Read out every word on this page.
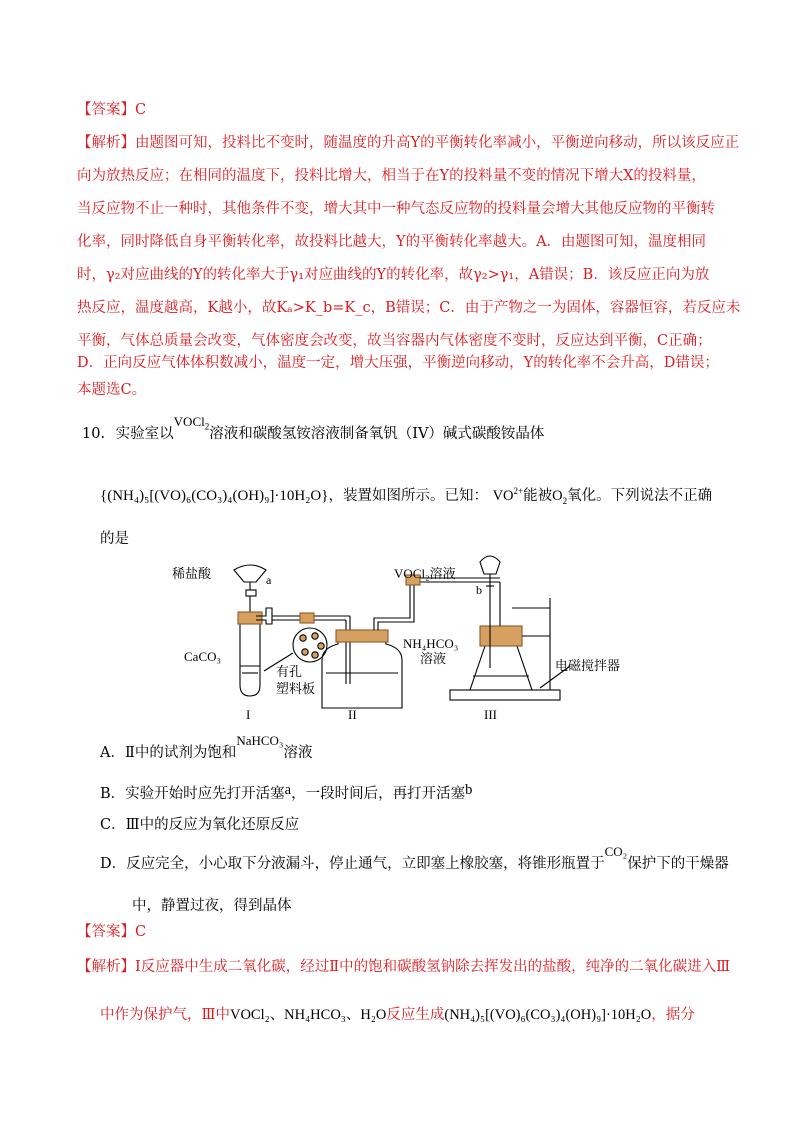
【答案】C
【解析】由题图可知，投料比不变时，随温度的升高Y的平衡转化率减小，平衡逆向移动，所以该反应正
向为放热反应；在相同的温度下，投料比增大，相当于在Y的投料量不变的情况下增大X的投料量，
当反应物不止一种时，其他条件不变，增大其中一种气态反应物的投料量会增大其他反应物的平衡转
化率，同时降低自身平衡转化率，故投料比越大，Y的平衡转化率越大。A．由题图可知，温度相同
时，γ₂对应曲线的Y的转化率大于γ₁对应曲线的Y的转化率，故γ₂>γ₁，A错误；B．该反应正向为放
热反应，温度越高，K越小，故Kₐ>K_b=K_c，B错误；C．由于产物之一为固体，容器恒容，若反应未
平衡，气体总质量会改变，气体密度会改变，故当容器内气体密度不变时，反应达到平衡，C正确；
D．正向反应气体体积数减小，温度一定，增大压强，平衡逆向移动，Y的转化率不会升高，D错误；
本题选C。
10. 实验室以VOCl$_2$溶液和碳酸氢铵溶液制备氧钒（IV）碱式碳酸铵晶体
{(NH₄)₅[(VO)₆(CO₃)₄(OH)₉]·10H₂O}，装置如图所示。已知： $VO^{2+}$能被$O_2$氧化。下列说法不正确
的是
稀盐酸	a
CaCO₃
有孔
塑料板
VOCl₂溶液
b
NH₄HCO₃
溶液	电磁搅拌器
I	II	III
A．Ⅱ中的试剂为饱和NaHCO₃溶液
B．实验开始时应先打开活塞a，一段时间后，再打开活塞b
C．Ⅲ中的反应为氧化还原反应
D．反应完全，小心取下分液漏斗，停止通气，立即塞上橡胶塞，将锥形瓶置于CO₂保护下的干燥器
中，静置过夜，得到晶体
【答案】C
【解析】Ⅰ反应器中生成二氧化碳，经过Ⅱ中的饱和碳酸氢钠除去挥发出的盐酸，纯净的二氧化碳进入Ⅲ
中作为保护气，Ⅲ中VOCl₂、NH₄HCO₃、H₂O反应生成(NH₄)₅[(VO)₆(CO₃)₄(OH)₉]·10H₂O，据分
